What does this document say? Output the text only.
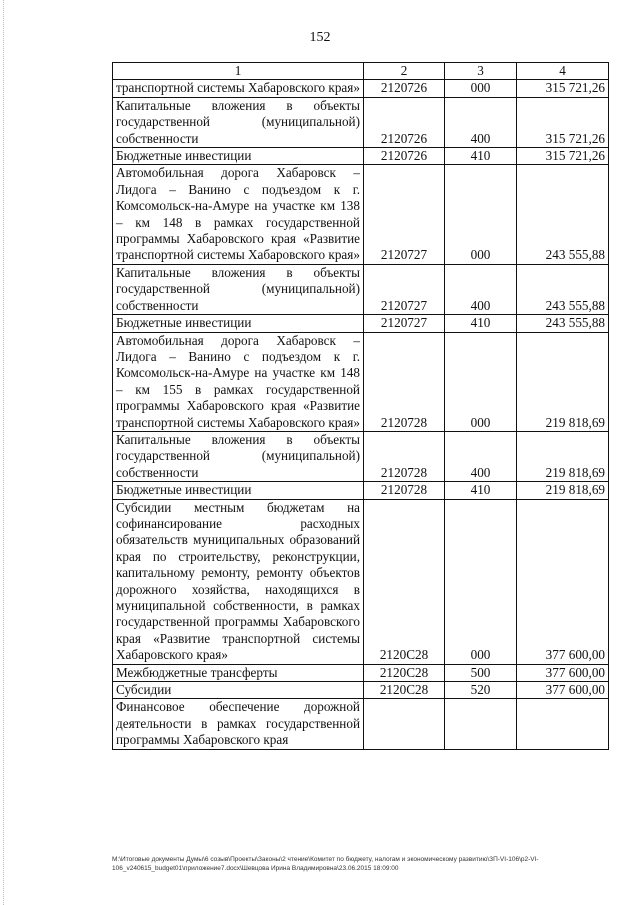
152
1	2	3	4
транспортной системы Хабаровского края»	2120726	000	315 721,26
Капитальные вложения в объекты государственной (муниципальной) собственности	2120726	400	315 721,26
Бюджетные инвестиции	2120726	410	315 721,26
Автомобильная дорога Хабаровск – Лидога – Ванино с подъездом к г. Комсомольск-на-Амуре на участке км 138 – км 148 в рамках государственной программы Хабаровского края «Развитие транспортной системы Хабаровского края»	2120727	000	243 555,88
Капитальные вложения в объекты государственной (муниципальной) собственности	2120727	400	243 555,88
Бюджетные инвестиции	2120727	410	243 555,88
Автомобильная дорога Хабаровск – Лидога – Ванино с подъездом к г. Комсомольск-на-Амуре на участке км 148 – км 155 в рамках государственной программы Хабаровского края «Развитие транспортной системы Хабаровского края»	2120728	000	219 818,69
Капитальные вложения в объекты государственной (муниципальной) собственности	2120728	400	219 818,69
Бюджетные инвестиции	2120728	410	219 818,69
Субсидии местным бюджетам на софинансирование расходных обязательств муниципальных образований края по строительству, реконструкции, капитальному ремонту, ремонту объектов дорожного хозяйства, находящихся в муниципальной собственности, в рамках государственной программы Хабаровского края «Развитие транспортной системы Хабаровского края»	2120С28	000	377 600,00
Межбюджетные трансферты	2120С28	500	377 600,00
Субсидии	2120С28	520	377 600,00
Финансовое обеспечение дорожной деятельности в рамках государственной программы Хабаровского края			
М:\Итоговые документы Думы\6 созыв\Проекты\Законы\2 чтение\Комитет по бюджету, налогам и экономическому развитию\ЗП-VI-106\р2-VI-106_v240615_budget01\приложение7.docx\Шевцова Ирина Владимировна\23.06.2015 18:09:00
